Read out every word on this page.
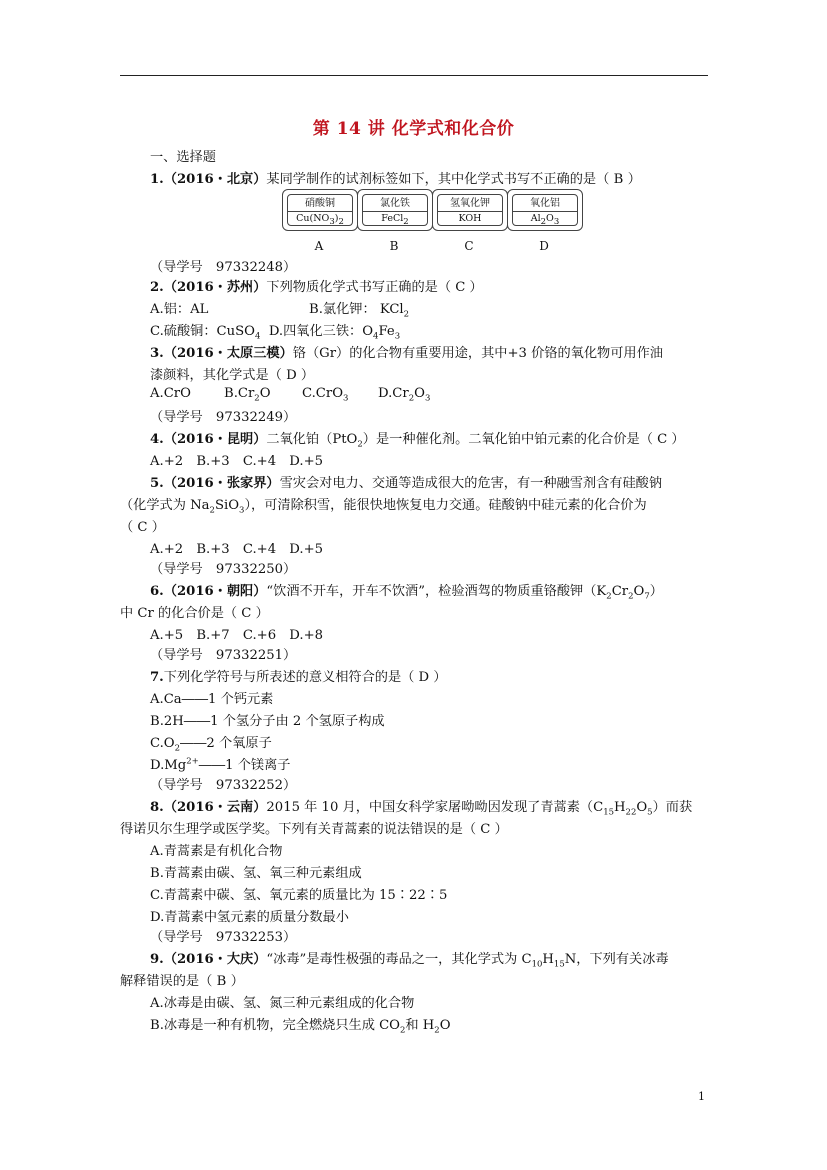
第 14 讲 化学式和化合价
一、选择题
1.（2016・北京）某同学制作的试剂标签如下，其中化学式书写不正确的是（ B ）
硝酸铜
$Cu(NO_3)_2$
氯化铁
FeCl$_2$
氢氧化钾
KOH
氧化铝
$Al_2O_3$
A	B	C	D
（导学号　97332248）
2.（2016・苏州）下列物质化学式书写正确的是（ C ）
A.铝：AL	B.氯化钾： KCl$_2$
C.硫酸铜：CuSO$_4$ D.四氧化三铁：$O_4Fe_3$
3.（2016・太原三模）铬（Gr）的化合物有重要用途，其中+3 价铬的氧化物可用作油
漆颜料，其化学式是（ D ）
A.CrO	$B.Cr_2O$ C.CrO$_3$ $D.Cr_2O_3$
（导学号　97332249）
4.（2016・昆明）二氧化铂（PtO$_2$）是一种催化剂。二氧化铂中铂元素的化合价是（ C ）
A.+2　B.+3　C.+4　D.+5
5.（2016・张家界）雪灾会对电力、交通等造成很大的危害，有一种融雪剂含有硅酸钠
（化学式为 $Na_2SiO_3$），可清除积雪，能很快地恢复电力交通。硅酸钠中硅元素的化合价为
（ C ）
A.+2　B.+3　C.+4　D.+5
（导学号　97332250）
6.（2016・朝阳）“饮酒不开车，开车不饮酒”，检验酒驾的物质重铬酸钾$(K_2Cr_2O_7)$
中 Cr 的化合价是（ C ）
A.+5　B.+7　C.+6　D.+8
（导学号　97332251）
7.下列化学符号与所表述的意义相符合的是（ D ）
A.Ca――1 个钙元素
B.2H――1 个氢分子由 2 个氢原子构成
$C.O_2――2$ 个氧原子
$D.Mg^{2+}――1$ 个镁离子
（导学号　97332252）
8.（2016・云南）2015 年 10 月，中国女科学家屠呦呦因发现了青蒿素$(C_{15}H_{22}O_5)$而获
得诺贝尔生理学或医学奖。下列有关青蒿素的说法错误的是（ C ）
A.青蒿素是有机化合物
B.青蒿素由碳、氢、氧三种元素组成
C.青蒿素中碳、氢、氧元素的质量比为 15∶22∶5
D.青蒿素中氢元素的质量分数最小
（导学号　97332253）
9.（2016・大庆）“冰毒”是毒性极强的毒品之一，其化学式为 $C_{10}H_{15}N$，下列有关冰毒
解释错误的是（ B ）
A.冰毒是由碳、氢、氮三种元素组成的化合物
B.冰毒是一种有机物，完全燃烧只生成 $CO_2$和 $H_2O$
1
